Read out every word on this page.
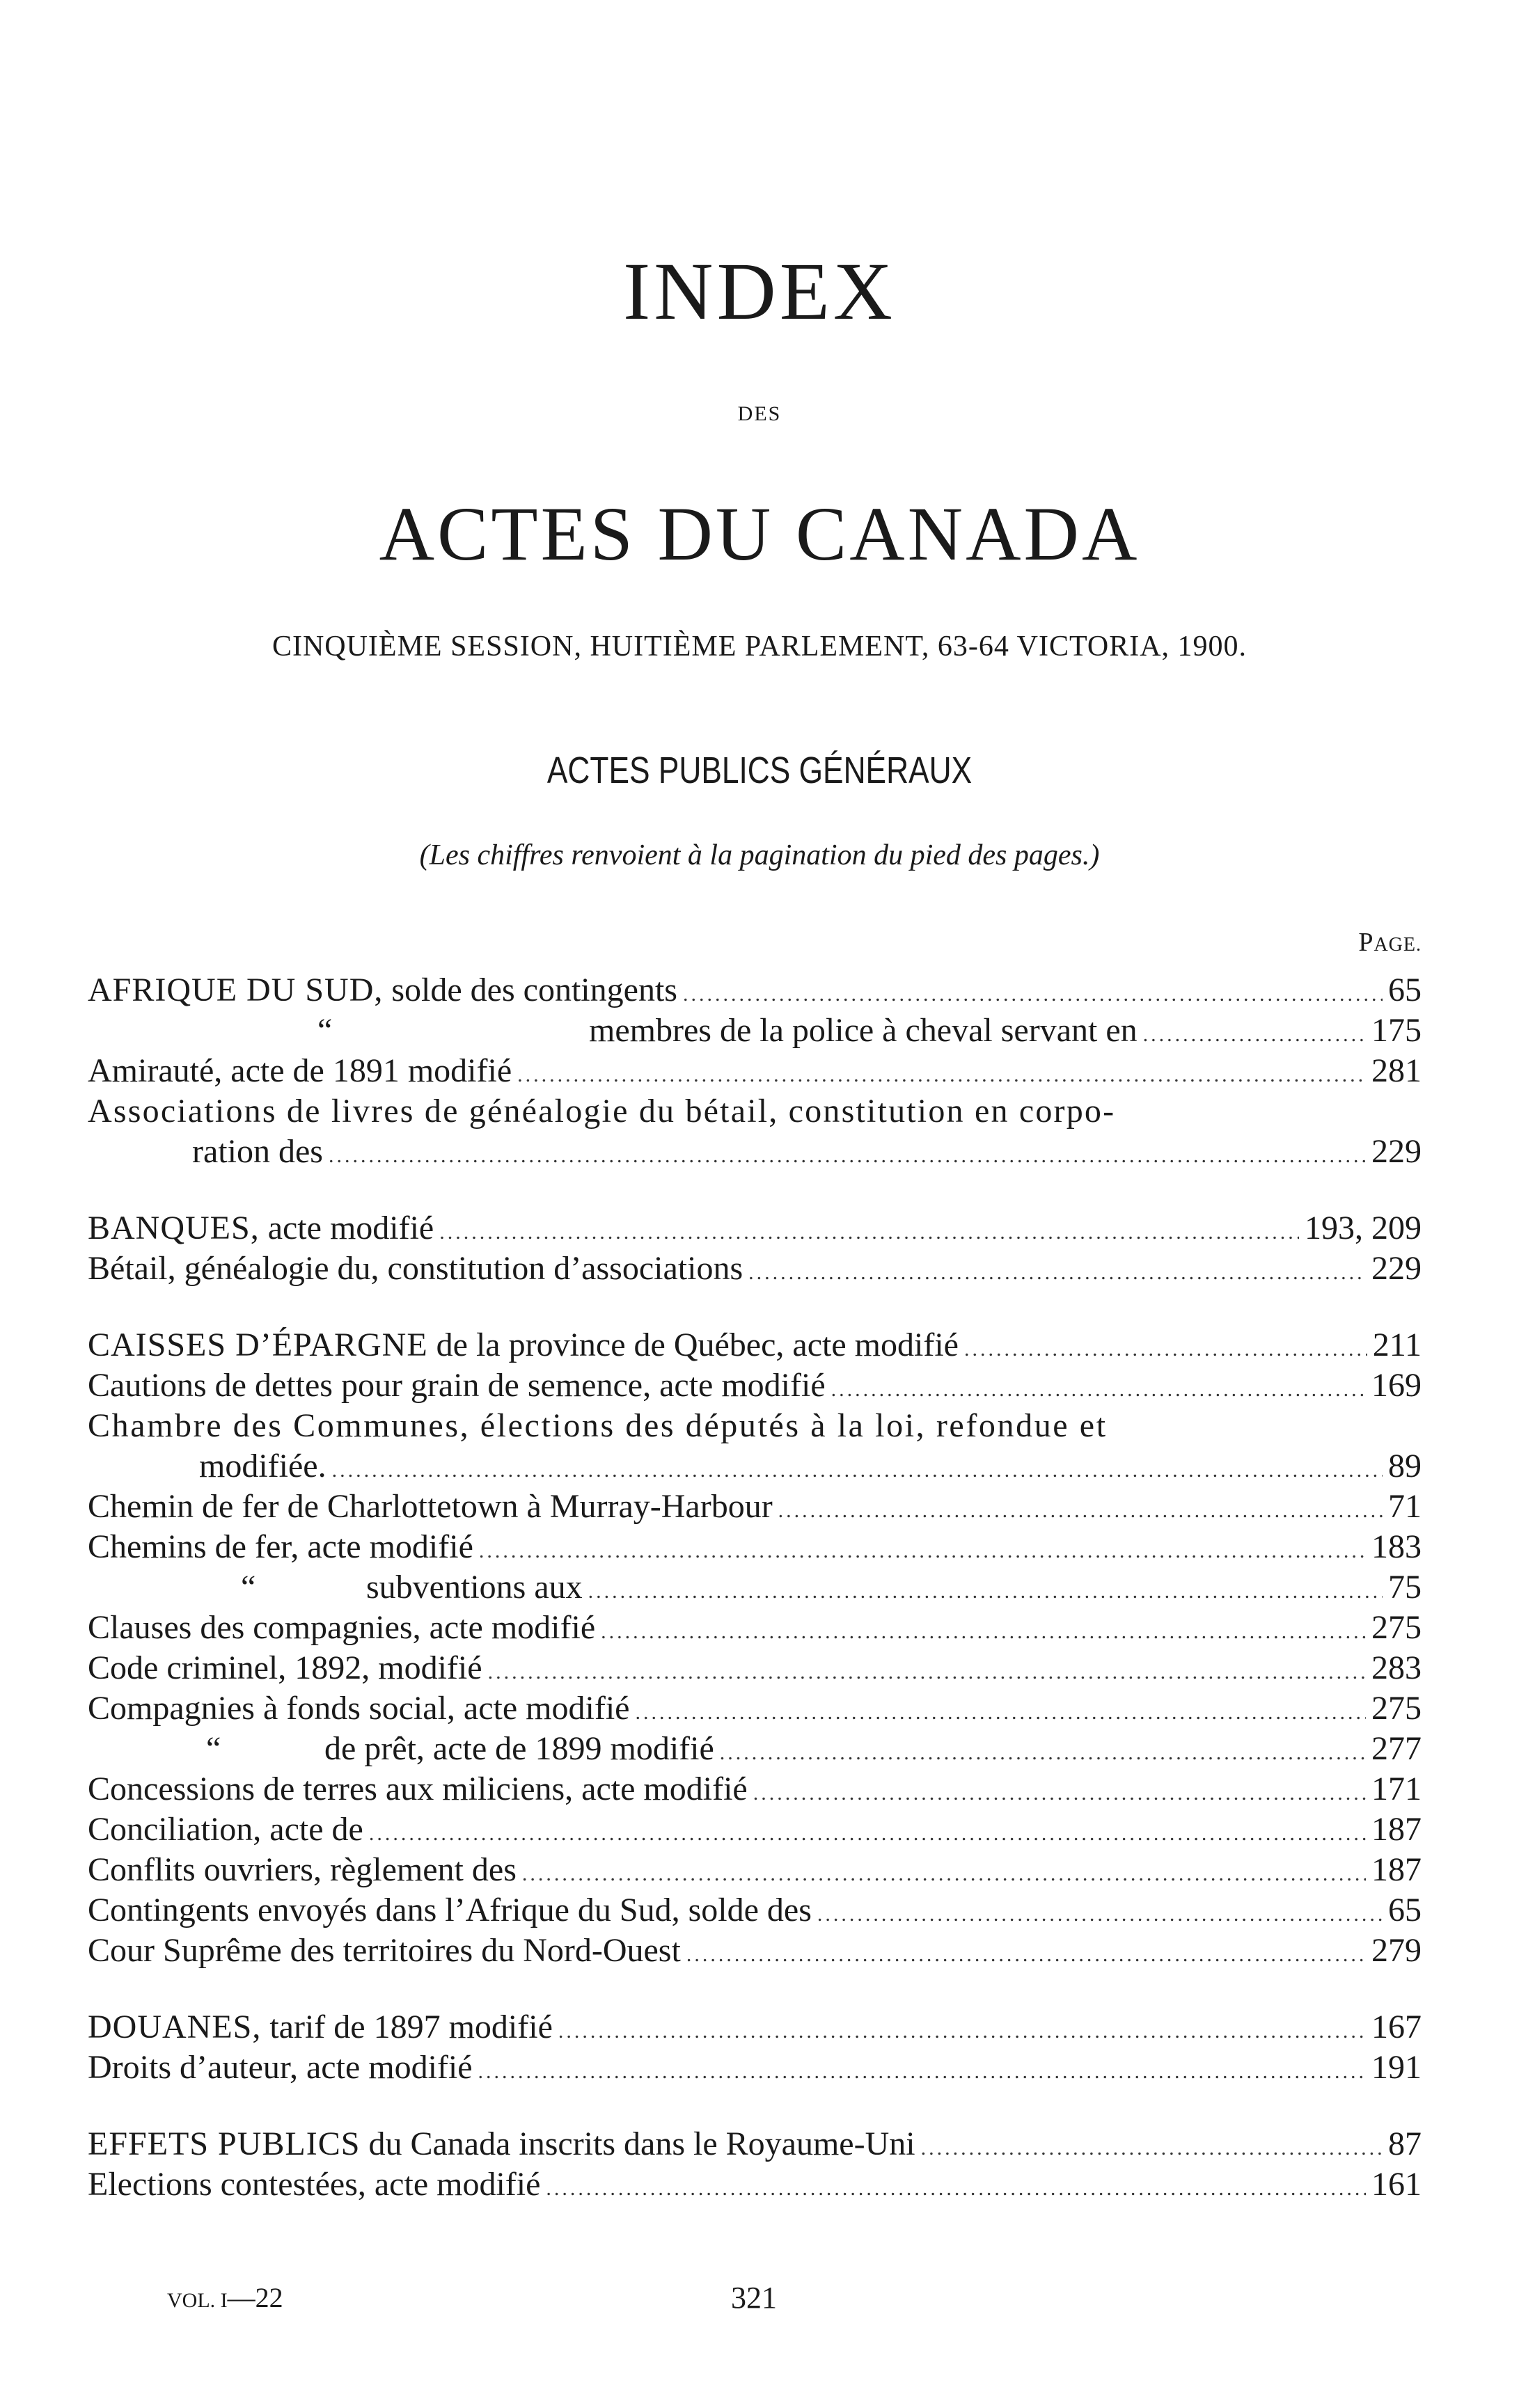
INDEX
DES
ACTES DU CANADA
CINQUIÈME SESSION, HUITIÈME PARLEMENT, 63-64 VICTORIA, 1900.
ACTES PUBLICS GÉNÉRAUX
(Les chiffres renvoient à la pagination du pied des pages.)
PAGE.
AFRIQUE DU SUD, solde des contingents .....	65
“	membres de la police à cheval servant en .....	175
Amirauté, acte de 1891 modifié .....	281
Associations de livres de généalogie du bétail, constitution en corpo-
ration des .....	229
BANQUES, acte modifié .....	193, 209
Bétail, généalogie du, constitution d’associations .....	229
CAISSES D’ÉPARGNE de la province de Québec, acte modifié .....	211
Cautions de dettes pour grain de semence, acte modifié .....	169
Chambre des Communes, élections des députés à la loi, refondue et
modifiée. .....	89
Chemin de fer de Charlottetown à Murray-Harbour .....	71
Chemins de fer, acte modifié .....	183
“	subventions aux .....	75
Clauses des compagnies, acte modifié .....	275
Code criminel, 1892, modifié .....	283
Compagnies à fonds social, acte modifié .....	275
“	de prêt, acte de 1899 modifié .....	277
Concessions de terres aux miliciens, acte modifié .....	171
Conciliation, acte de .....	187
Conflits ouvriers, règlement des .....	187
Contingents envoyés dans l’Afrique du Sud, solde des .....	65
Cour Suprême des territoires du Nord-Ouest .....	279
DOUANES, tarif de 1897 modifié .....	167
Droits d’auteur, acte modifié .....	191
EFFETS PUBLICS du Canada inscrits dans le Royaume-Uni .....	87
Elections contestées, acte modifié .....	161
VOL. I—22	321
